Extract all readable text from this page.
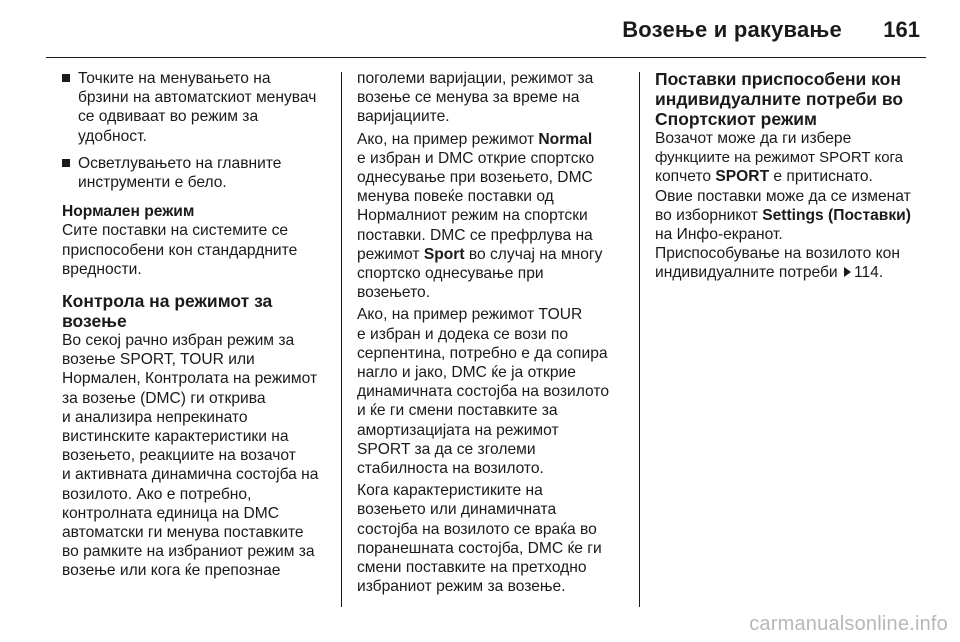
Возење и ракување 161
Точките на менувањето на
брзини на автоматскиот менувач
се одвиваат во режим за
удобност.
Осветлувањето на главните
инструменти е бело.
Нормален режим
Сите поставки на системите се
приспособени кон стандардните
вредности.
Контрола на режимот за
возење
Во секој рачно избран режим за
возење SPORT, TOUR или
Нормален, Контролата на режимот
за возење (DMC) ги открива
и анализира непрекинато
вистинските карактеристики на
возењето, реакциите на возачот
и активната динамична состојба на
возилото. Ако е потребно,
контролната единица на DMC
автоматски ги менува поставките
во рамките на избраниот режим за
возење или кога ќе препознае
поголеми варијации, режимот за
возење се менува за време на
варијациите.
Ако, на пример режимот Normal
е избран и DMC открие спортско
однесување при возењето, DMC
менува повеќе поставки од
Нормалниот режим на спортски
поставки. DMC се префрлува на
режимот Sport во случај на многу
спортско однесување при
возењето.
Ако, на пример режимот TOUR
е избран и додека се вози по
серпентина, потребно е да сопира
нагло и јако, DMC ќе ја открие
динамичната состојба на возилото
и ќе ги смени поставките за
амортизацијата на режимот
SPORT за да се зголеми
стабилноста на возилото.
Кога карактеристиките на
возењето или динамичната
состојба на возилото се враќа во
поранешната состојба, DMC ќе ги
смени поставките на претходно
избраниот режим за возење.
Поставки приспособени кон
индивидуалните потреби во
Спортскиот режим
Возачот може да ги избере
функциите на режимот SPORT кога
копчето SPORT е притиснато.
Овие поставки може да се изменат
во изборникот Settings (Поставки)
на Инфо-екранот.
Приспособување на возилото кон
индивидуалните потреби 114.
carmanualsonline.info
